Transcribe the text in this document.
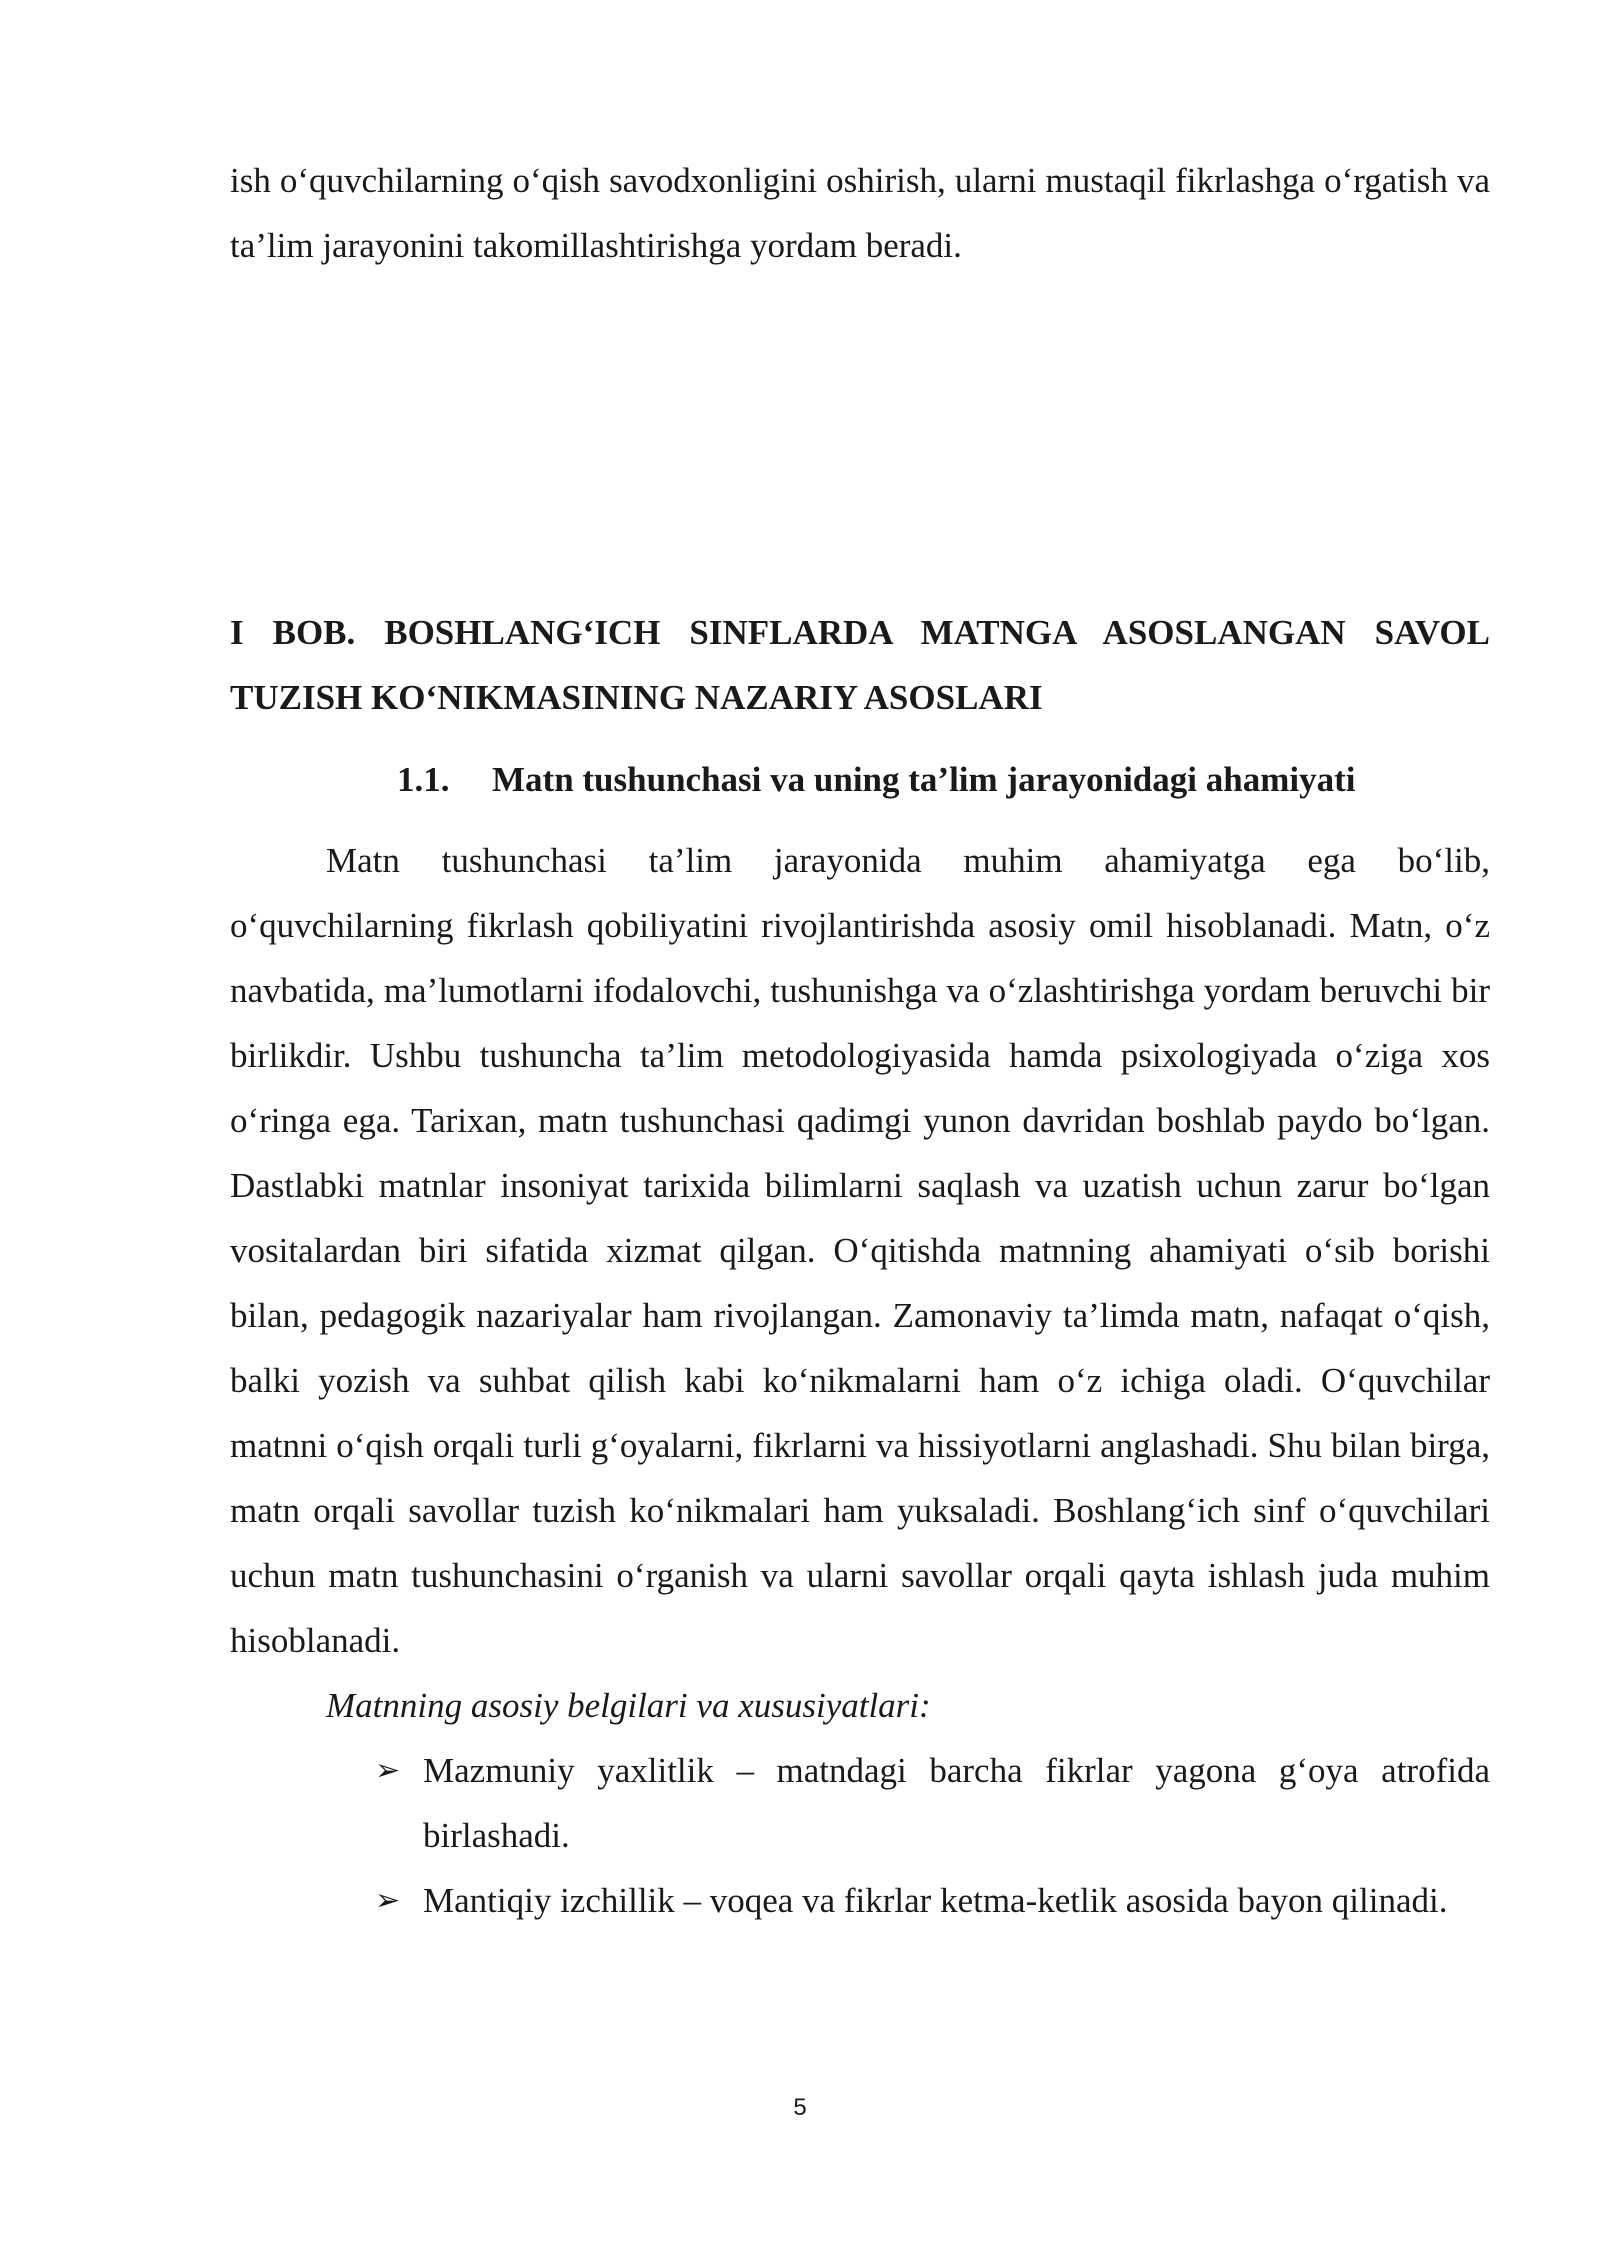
ish o‘quvchilarning o‘qish savodxonligini oshirish, ularni mustaqil fikrlashga o‘rgatish va ta’lim jarayonini takomillashtirishga yordam beradi.

I BOB. BOSHLANG‘ICH SINFLARDA MATNGA ASOSLANGAN SAVOL TUZISH KO‘NIKMASINING NAZARIY ASOSLARI
1.1.	Matn tushunchasi va uning ta’lim jarayonidagi ahamiyati

Matn tushunchasi ta’lim jarayonida muhim ahamiyatga ega bo‘lib, o‘quvchilarning fikrlash qobiliyatini rivojlantirishda asosiy omil hisoblanadi. Matn, o‘z navbatida, ma’lumotlarni ifodalovchi, tushunishga va o‘zlashtirishga yordam beruvchi bir birlikdir. Ushbu tushuncha ta’lim metodologiyasida hamda psixologiyada o‘ziga xos o‘ringa ega. Tarixan, matn tushunchasi qadimgi yunon davridan boshlab paydo bo‘lgan. Dastlabki matnlar insoniyat tarixida bilimlarni saqlash va uzatish uchun zarur bo‘lgan vositalardan biri sifatida xizmat qilgan. O‘qitishda matnning ahamiyati o‘sib borishi bilan, pedagogik nazariyalar ham rivojlangan. Zamonaviy ta’limda matn, nafaqat o‘qish, balki yozish va suhbat qilish kabi ko‘nikmalarni ham o‘z ichiga oladi. O‘quvchilar matnni o‘qish orqali turli g‘oyalarni, fikrlarni va hissiyotlarni anglashadi. Shu bilan birga, matn orqali savollar tuzish ko‘nikmalari ham yuksaladi. Boshlang‘ich sinf o‘quvchilari uchun matn tushunchasini o‘rganish va ularni savollar orqali qayta ishlash juda muhim hisoblanadi.

Matnning asosiy belgilari va xususiyatlari:

➢ Mazmuniy yaxlitlik – matndagi barcha fikrlar yagona g‘oya atrofida birlashadi.
➢ Mantiqiy izchillik – voqea va fikrlar ketma-ketlik asosida bayon qilinadi.
5
